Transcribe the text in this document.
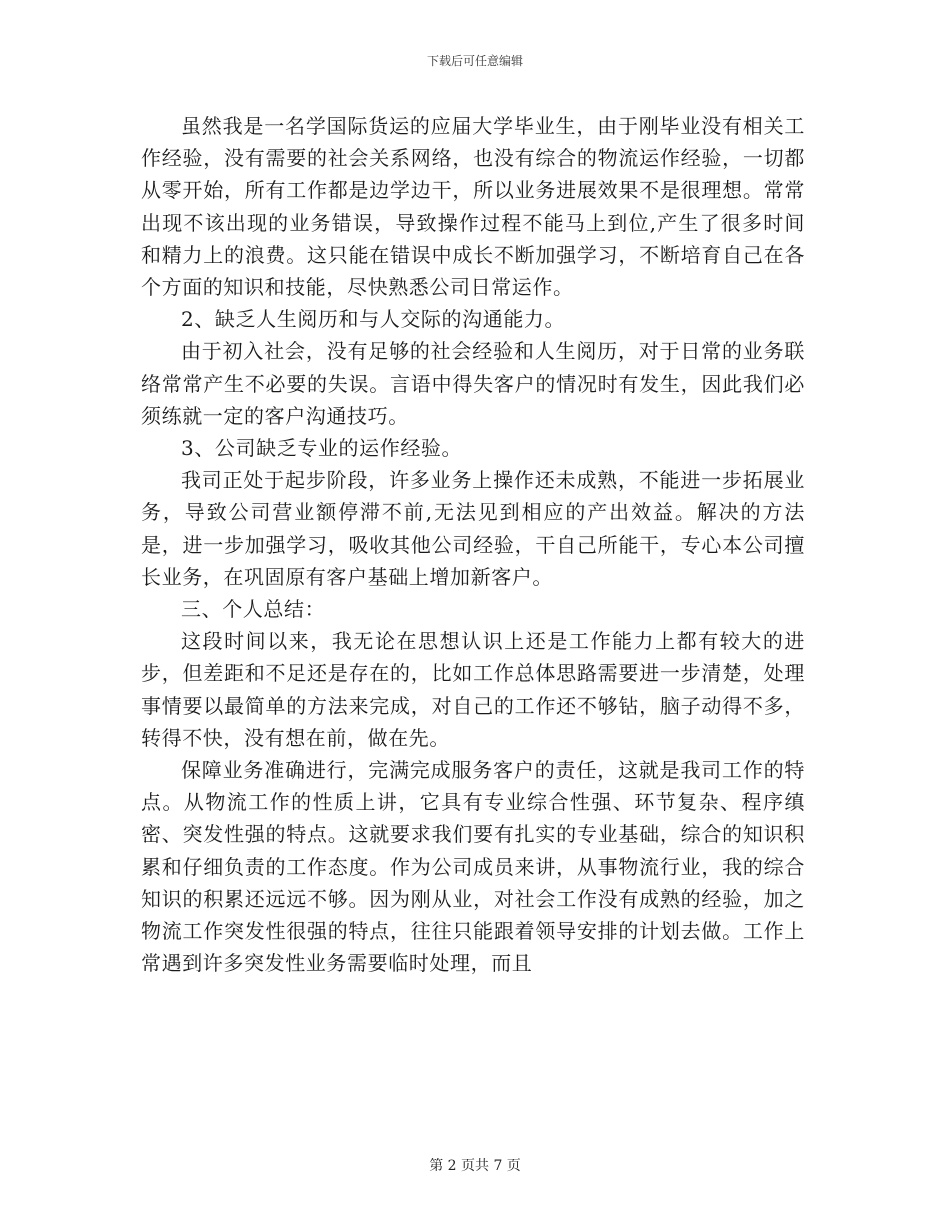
下载后可任意编辑

虽然我是一名学国际货运的应届大学毕业生，由于刚毕业没有相关工作经验，没有需要的社会关系网络，也没有综合的物流运作经验，一切都从零开始，所有工作都是边学边干，所以业务进展效果不是很理想。常常出现不该出现的业务错误，导致操作过程不能马上到位,产生了很多时间和精力上的浪费。这只能在错误中成长不断加强学习，不断培育自己在各个方面的知识和技能，尽快熟悉公司日常运作。

2、缺乏人生阅历和与人交际的沟通能力。

由于初入社会，没有足够的社会经验和人生阅历，对于日常的业务联络常常产生不必要的失误。言语中得失客户的情况时有发生，因此我们必须练就一定的客户沟通技巧。

3、公司缺乏专业的运作经验。

我司正处于起步阶段，许多业务上操作还未成熟，不能进一步拓展业务，导致公司营业额停滞不前,无法见到相应的产出效益。解决的方法是，进一步加强学习，吸收其他公司经验，干自己所能干，专心本公司擅长业务，在巩固原有客户基础上增加新客户。

三、个人总结：

这段时间以来，我无论在思想认识上还是工作能力上都有较大的进步，但差距和不足还是存在的，比如工作总体思路需要进一步清楚，处理事情要以最简单的方法来完成，对自己的工作还不够钻，脑子动得不多，转得不快，没有想在前，做在先。

保障业务准确进行，完满完成服务客户的责任，这就是我司工作的特点。从物流工作的性质上讲，它具有专业综合性强、环节复杂、程序缜密、突发性强的特点。这就要求我们要有扎实的专业基础，综合的知识积累和仔细负责的工作态度。作为公司成员来讲，从事物流行业，我的综合知识的积累还远远不够。因为刚从业，对社会工作没有成熟的经验，加之物流工作突发性很强的特点，往往只能跟着领导安排的计划去做。工作上常遇到许多突发性业务需要临时处理，而且

第 2 页共 7 页
